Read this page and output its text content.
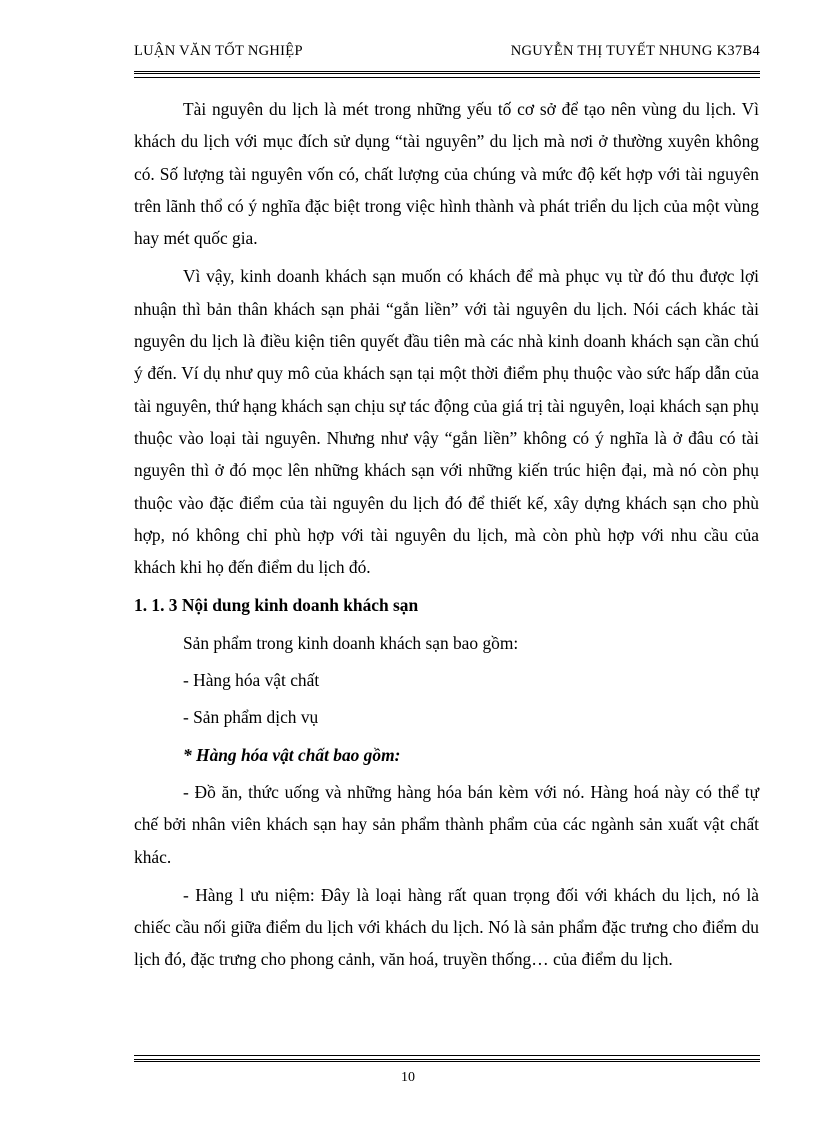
LUẬN VĂN TỐT NGHIỆP	NGUYỄN THỊ TUYẾT NHUNG K37B4

Tài nguyên du lịch là mét trong những yếu tố cơ sở để tạo nên vùng du lịch. Vì khách du lịch với mục đích sử dụng “tài nguyên” du lịch mà nơi ở thường xuyên không có. Số lượng tài nguyên vốn có, chất lượng của chúng và mức độ kết hợp với tài nguyên trên lãnh thổ có ý nghĩa đặc biệt trong việc hình thành và phát triển du lịch của một vùng hay mét quốc gia.

Vì vậy, kinh doanh khách sạn muốn có khách để mà phục vụ từ đó thu được lợi nhuận thì bản thân khách sạn phải “gắn liền” với tài nguyên du lịch. Nói cách khác tài nguyên du lịch là điều kiện tiên quyết đầu tiên mà các nhà kinh doanh khách sạn cần chú ý đến. Ví dụ như quy mô của khách sạn tại một thời điểm phụ thuộc vào sức hấp dẫn của tài nguyên, thứ hạng khách sạn chịu sự tác động của giá trị tài nguyên, loại khách sạn phụ thuộc vào loại tài nguyên. Nhưng như vậy “gắn liền” không có ý nghĩa là ở đâu có tài nguyên thì ở đó mọc lên những khách sạn với những kiến trúc hiện đại, mà nó còn phụ thuộc vào đặc điểm của tài nguyên du lịch đó để thiết kế, xây dựng khách sạn cho phù hợp, nó không chỉ phù hợp với tài nguyên du lịch, mà còn phù hợp với nhu cầu của khách khi họ đến điểm du lịch đó.

1. 1. 3 Nội dung kinh doanh khách sạn
Sản phẩm trong kinh doanh khách sạn bao gồm:
- Hàng hóa vật chất
- Sản phẩm dịch vụ
* Hàng hóa vật chất bao gồm:

- Đồ ăn, thức uống và những hàng hóa bán kèm với nó. Hàng hoá này có thể tự chế bởi nhân viên khách sạn hay sản phẩm thành phẩm của các ngành sản xuất vật chất khác.

- Hàng l ưu niệm: Đây là loại hàng rất quan trọng đối với khách du lịch, nó là chiếc cầu nối giữa điểm du lịch với khách du lịch. Nó là sản phẩm đặc trưng cho điểm du lịch đó, đặc trưng cho phong cảnh, văn hoá, truyền thống… của điểm du lịch.

10
